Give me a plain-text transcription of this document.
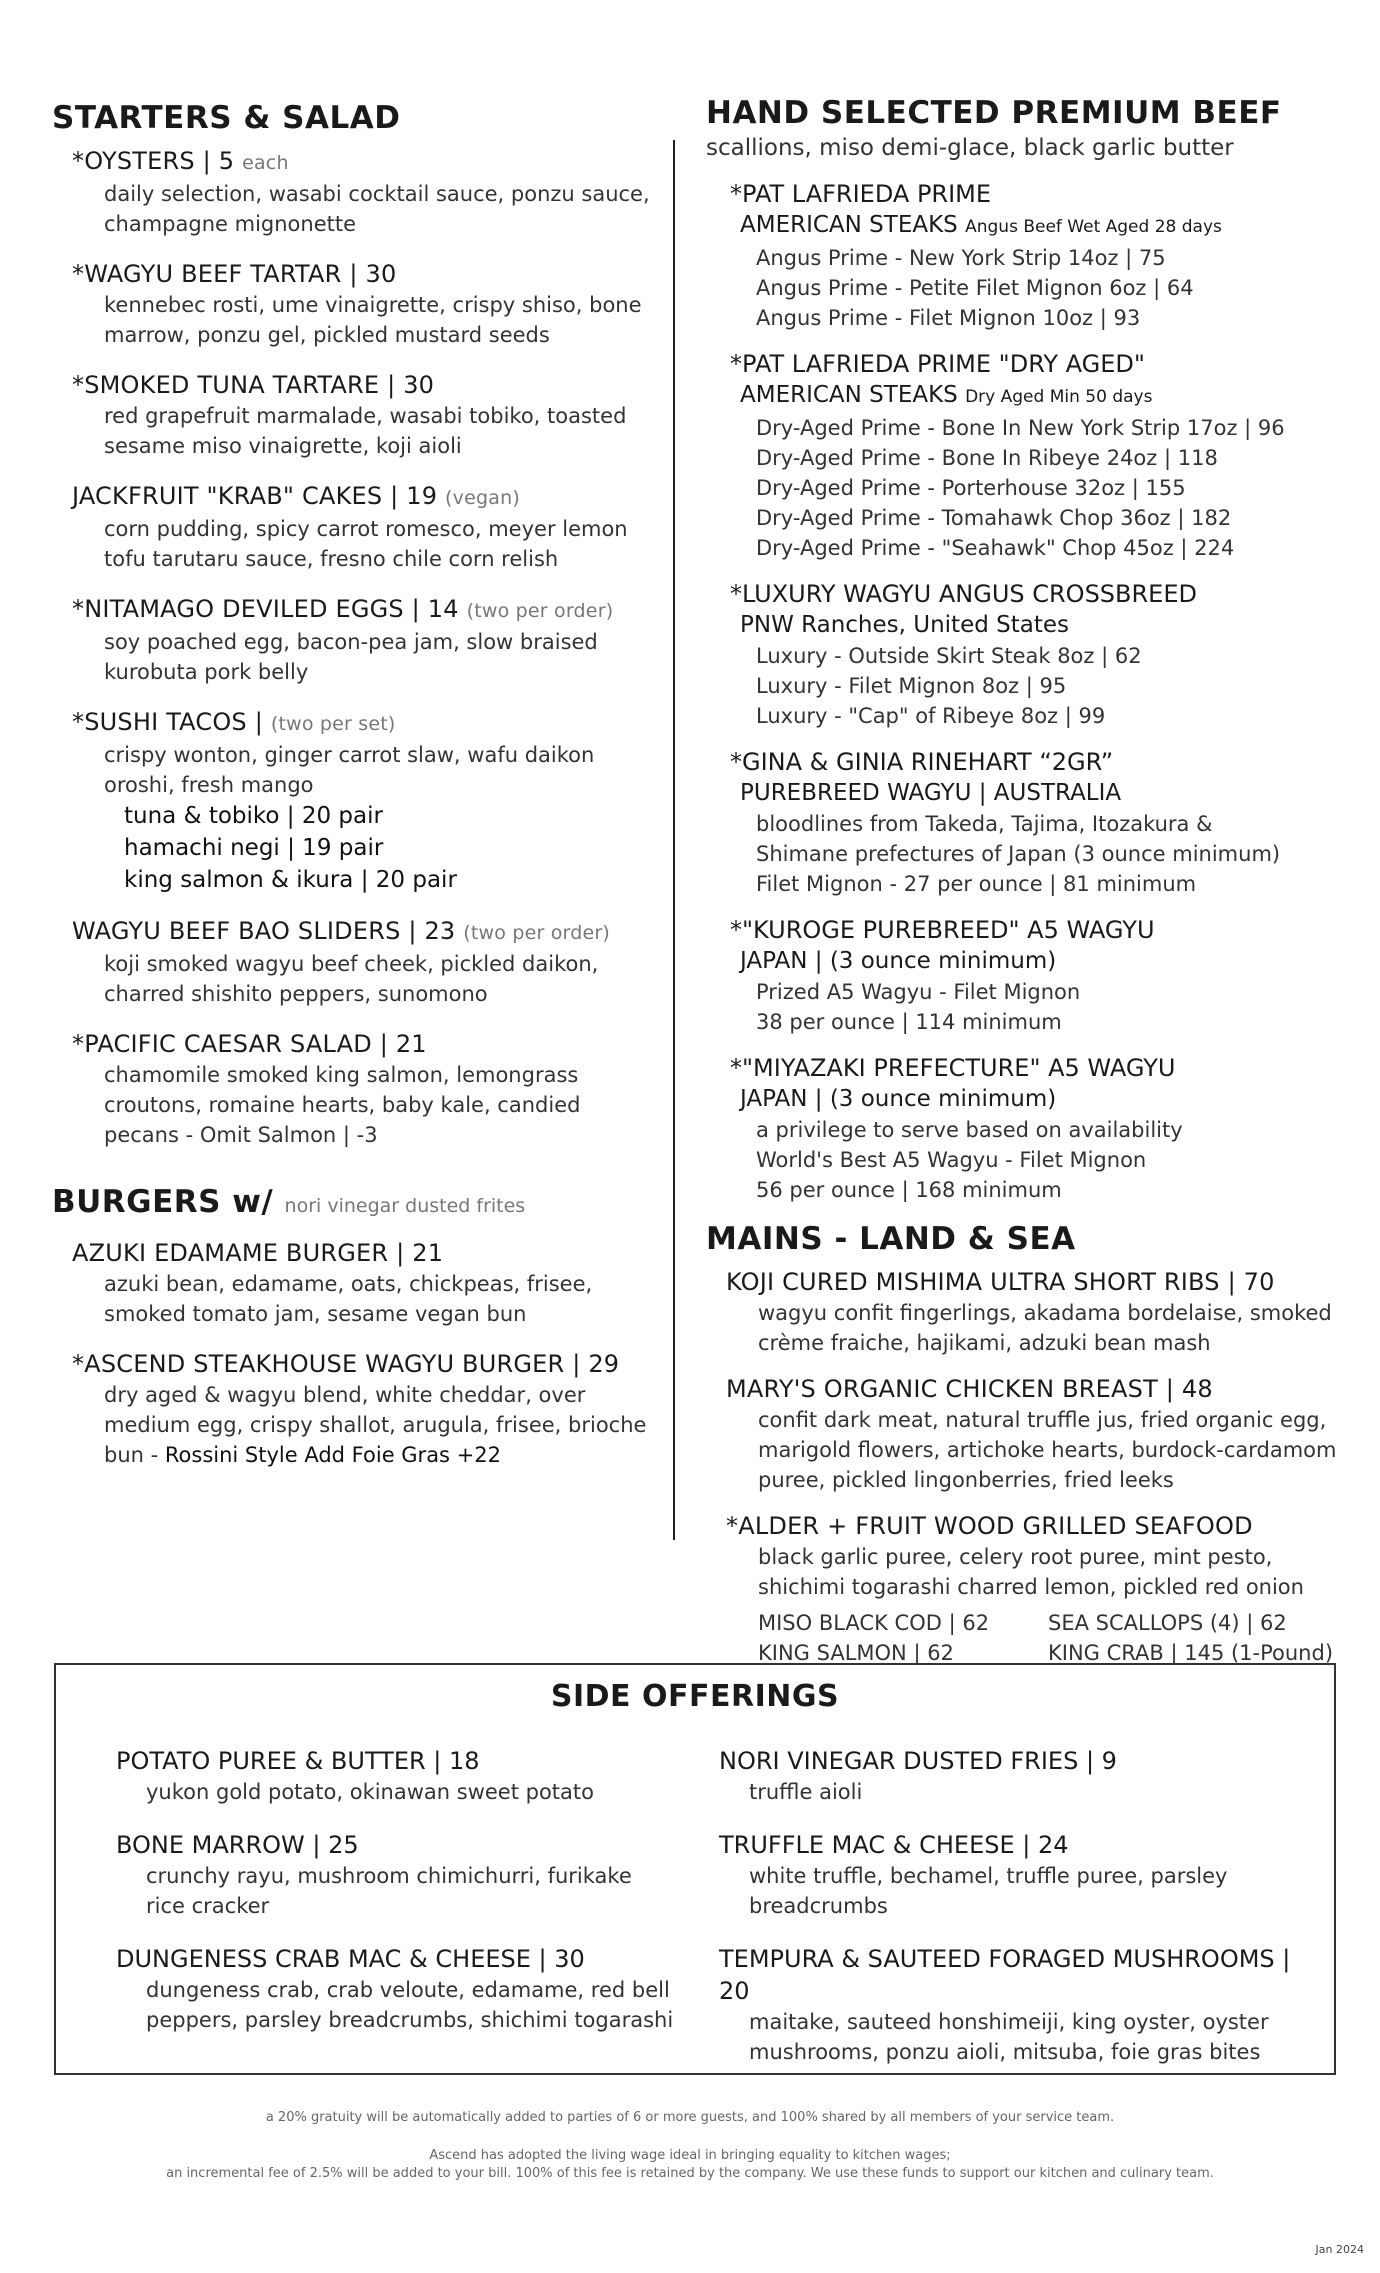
STARTERS & SALAD
*OYSTERS | 5 each
daily selection, wasabi cocktail sauce, ponzu sauce, champagne mignonette
*WAGYU BEEF TARTAR | 30
kennebec rosti, ume vinaigrette, crispy shiso, bone marrow, ponzu gel, pickled mustard seeds
*SMOKED TUNA TARTARE | 30
red grapefruit marmalade, wasabi tobiko, toasted sesame miso vinaigrette, koji aioli
JACKFRUIT "KRAB" CAKES | 19 (vegan)
corn pudding, spicy carrot romesco, meyer lemon tofu tarutaru sauce, fresno chile corn relish
*NITAMAGO DEVILED EGGS | 14 (two per order)
soy poached egg, bacon-pea jam, slow braised kurobuta pork belly
*SUSHI TACOS | (two per set)
crispy wonton, ginger carrot slaw, wafu daikon oroshi, fresh mango
tuna & tobiko | 20 pair
hamachi negi | 19 pair
king salmon & ikura | 20 pair
WAGYU BEEF BAO SLIDERS | 23 (two per order)
koji smoked wagyu beef cheek, pickled daikon, charred shishito peppers, sunomono
*PACIFIC CAESAR SALAD | 21
chamomile smoked king salmon, lemongrass croutons, romaine hearts, baby kale, candied pecans - Omit Salmon | -3
BURGERS w/ nori vinegar dusted frites
AZUKI EDAMAME BURGER | 21
azuki bean, edamame, oats, chickpeas, frisee, smoked tomato jam, sesame vegan bun
*ASCEND STEAKHOUSE WAGYU BURGER | 29
dry aged & wagyu blend, white cheddar, over medium egg, crispy shallot, arugula, frisee, brioche bun - Rossini Style Add Foie Gras +22
HAND SELECTED PREMIUM BEEF
scallions, miso demi-glace, black garlic butter
*PAT LAFRIEDA PRIME
AMERICAN STEAKS Angus Beef Wet Aged 28 days
Angus Prime - New York Strip 14oz | 75
Angus Prime - Petite Filet Mignon 6oz | 64
Angus Prime - Filet Mignon 10oz | 93
*PAT LAFRIEDA PRIME "DRY AGED"
AMERICAN STEAKS Dry Aged Min 50 days
Dry-Aged Prime - Bone In New York Strip 17oz | 96
Dry-Aged Prime - Bone In Ribeye 24oz | 118
Dry-Aged Prime - Porterhouse 32oz | 155
Dry-Aged Prime - Tomahawk Chop 36oz | 182
Dry-Aged Prime - "Seahawk" Chop 45oz | 224
*LUXURY WAGYU ANGUS CROSSBREED
PNW Ranches, United States
Luxury - Outside Skirt Steak 8oz | 62
Luxury - Filet Mignon 8oz | 95
Luxury - "Cap" of Ribeye 8oz | 99
*GINA & GINIA RINEHART “2GR”
PUREBREED WAGYU | AUSTRALIA
bloodlines from Takeda, Tajima, Itozakura &
Shimane prefectures of Japan (3 ounce minimum)
Filet Mignon - 27 per ounce | 81 minimum
*"KUROGE PUREBREED" A5 WAGYU
JAPAN | (3 ounce minimum)
Prized A5 Wagyu - Filet Mignon
38 per ounce | 114 minimum
*"MIYAZAKI PREFECTURE" A5 WAGYU
JAPAN | (3 ounce minimum)
a privilege to serve based on availability
World's Best A5 Wagyu - Filet Mignon
56 per ounce | 168 minimum
MAINS - LAND & SEA
KOJI CURED MISHIMA ULTRA SHORT RIBS | 70
wagyu confit fingerlings, akadama bordelaise, smoked crème fraiche, hajikami, adzuki bean mash
MARY'S ORGANIC CHICKEN BREAST | 48
confit dark meat, natural truffle jus, fried organic egg, marigold flowers, artichoke hearts, burdock-cardamom puree, pickled lingonberries, fried leeks
*ALDER + FRUIT WOOD GRILLED SEAFOOD
black garlic puree, celery root puree, mint pesto, shichimi togarashi charred lemon, pickled red onion
MISO BLACK COD | 62	SEA SCALLOPS (4) | 62
KING SALMON | 62	KING CRAB | 145 (1-Pound)
SIDE OFFERINGS
POTATO PUREE & BUTTER | 18
yukon gold potato, okinawan sweet potato
BONE MARROW | 25
crunchy rayu, mushroom chimichurri, furikake rice cracker
DUNGENESS CRAB MAC & CHEESE | 30
dungeness crab, crab veloute, edamame, red bell peppers, parsley breadcrumbs, shichimi togarashi
NORI VINEGAR DUSTED FRIES | 9
truffle aioli
TRUFFLE MAC & CHEESE | 24
white truffle, bechamel, truffle puree, parsley breadcrumbs
TEMPURA & SAUTEED FORAGED MUSHROOMS | 20
maitake, sauteed honshimeiji, king oyster, oyster mushrooms, ponzu aioli, mitsuba, foie gras bites
a 20% gratuity will be automatically added to parties of 6 or more guests, and 100% shared by all members of your service team.
Ascend has adopted the living wage ideal in bringing equality to kitchen wages;
an incremental fee of 2.5% will be added to your bill. 100% of this fee is retained by the company. We use these funds to support our kitchen and culinary team.
Jan 2024
